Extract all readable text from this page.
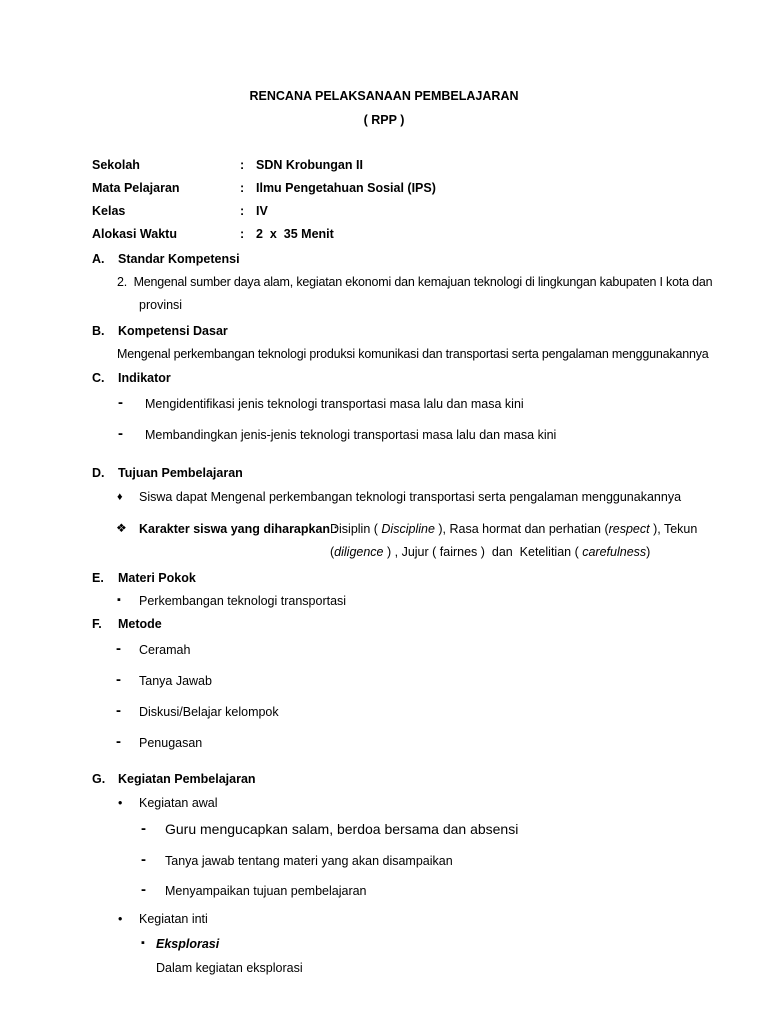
RENCANA PELAKSANAAN PEMBELAJARAN
( RPP )
Sekolah	: SDN Krobungan II
Mata Pelajaran	: Ilmu Pengetahuan Sosial (IPS)
Kelas	: IV
Alokasi Waktu	: 2  x  35 Menit
A. Standar Kompetensi
2.  Mengenal sumber daya alam, kegiatan ekonomi dan kemajuan teknologi di lingkungan kabupaten I kota dan
provinsi
B. Kompetensi Dasar
Mengenal perkembangan teknologi produksi komunikasi dan transportasi serta pengalaman menggunakannya
C. Indikator
- Mengidentifikasi jenis teknologi transportasi masa lalu dan masa kini
- Membandingkan jenis-jenis teknologi transportasi masa lalu dan masa kini
D. Tujuan Pembelajaran
♦ Siswa dapat Mengenal perkembangan teknologi transportasi serta pengalaman menggunakannya
❖ Karakter siswa yang diharapkan :
Disiplin ( Discipline ), Rasa hormat dan perhatian (respect ), Tekun
(diligence ) , Jujur ( fairnes )  dan  Ketelitian ( carefulness)
E. Materi Pokok
▪ Perkembangan teknologi transportasi
F. Metode
- Ceramah
- Tanya Jawab
- Diskusi/Belajar kelompok
- Penugasan
G. Kegiatan Pembelajaran
• Kegiatan awal
- Guru mengucapkan salam, berdoa bersama dan absensi
- Tanya jawab tentang materi yang akan disampaikan
- Menyampaikan tujuan pembelajaran
• Kegiatan inti
▪ Eksplorasi
Dalam kegiatan eksplorasi
